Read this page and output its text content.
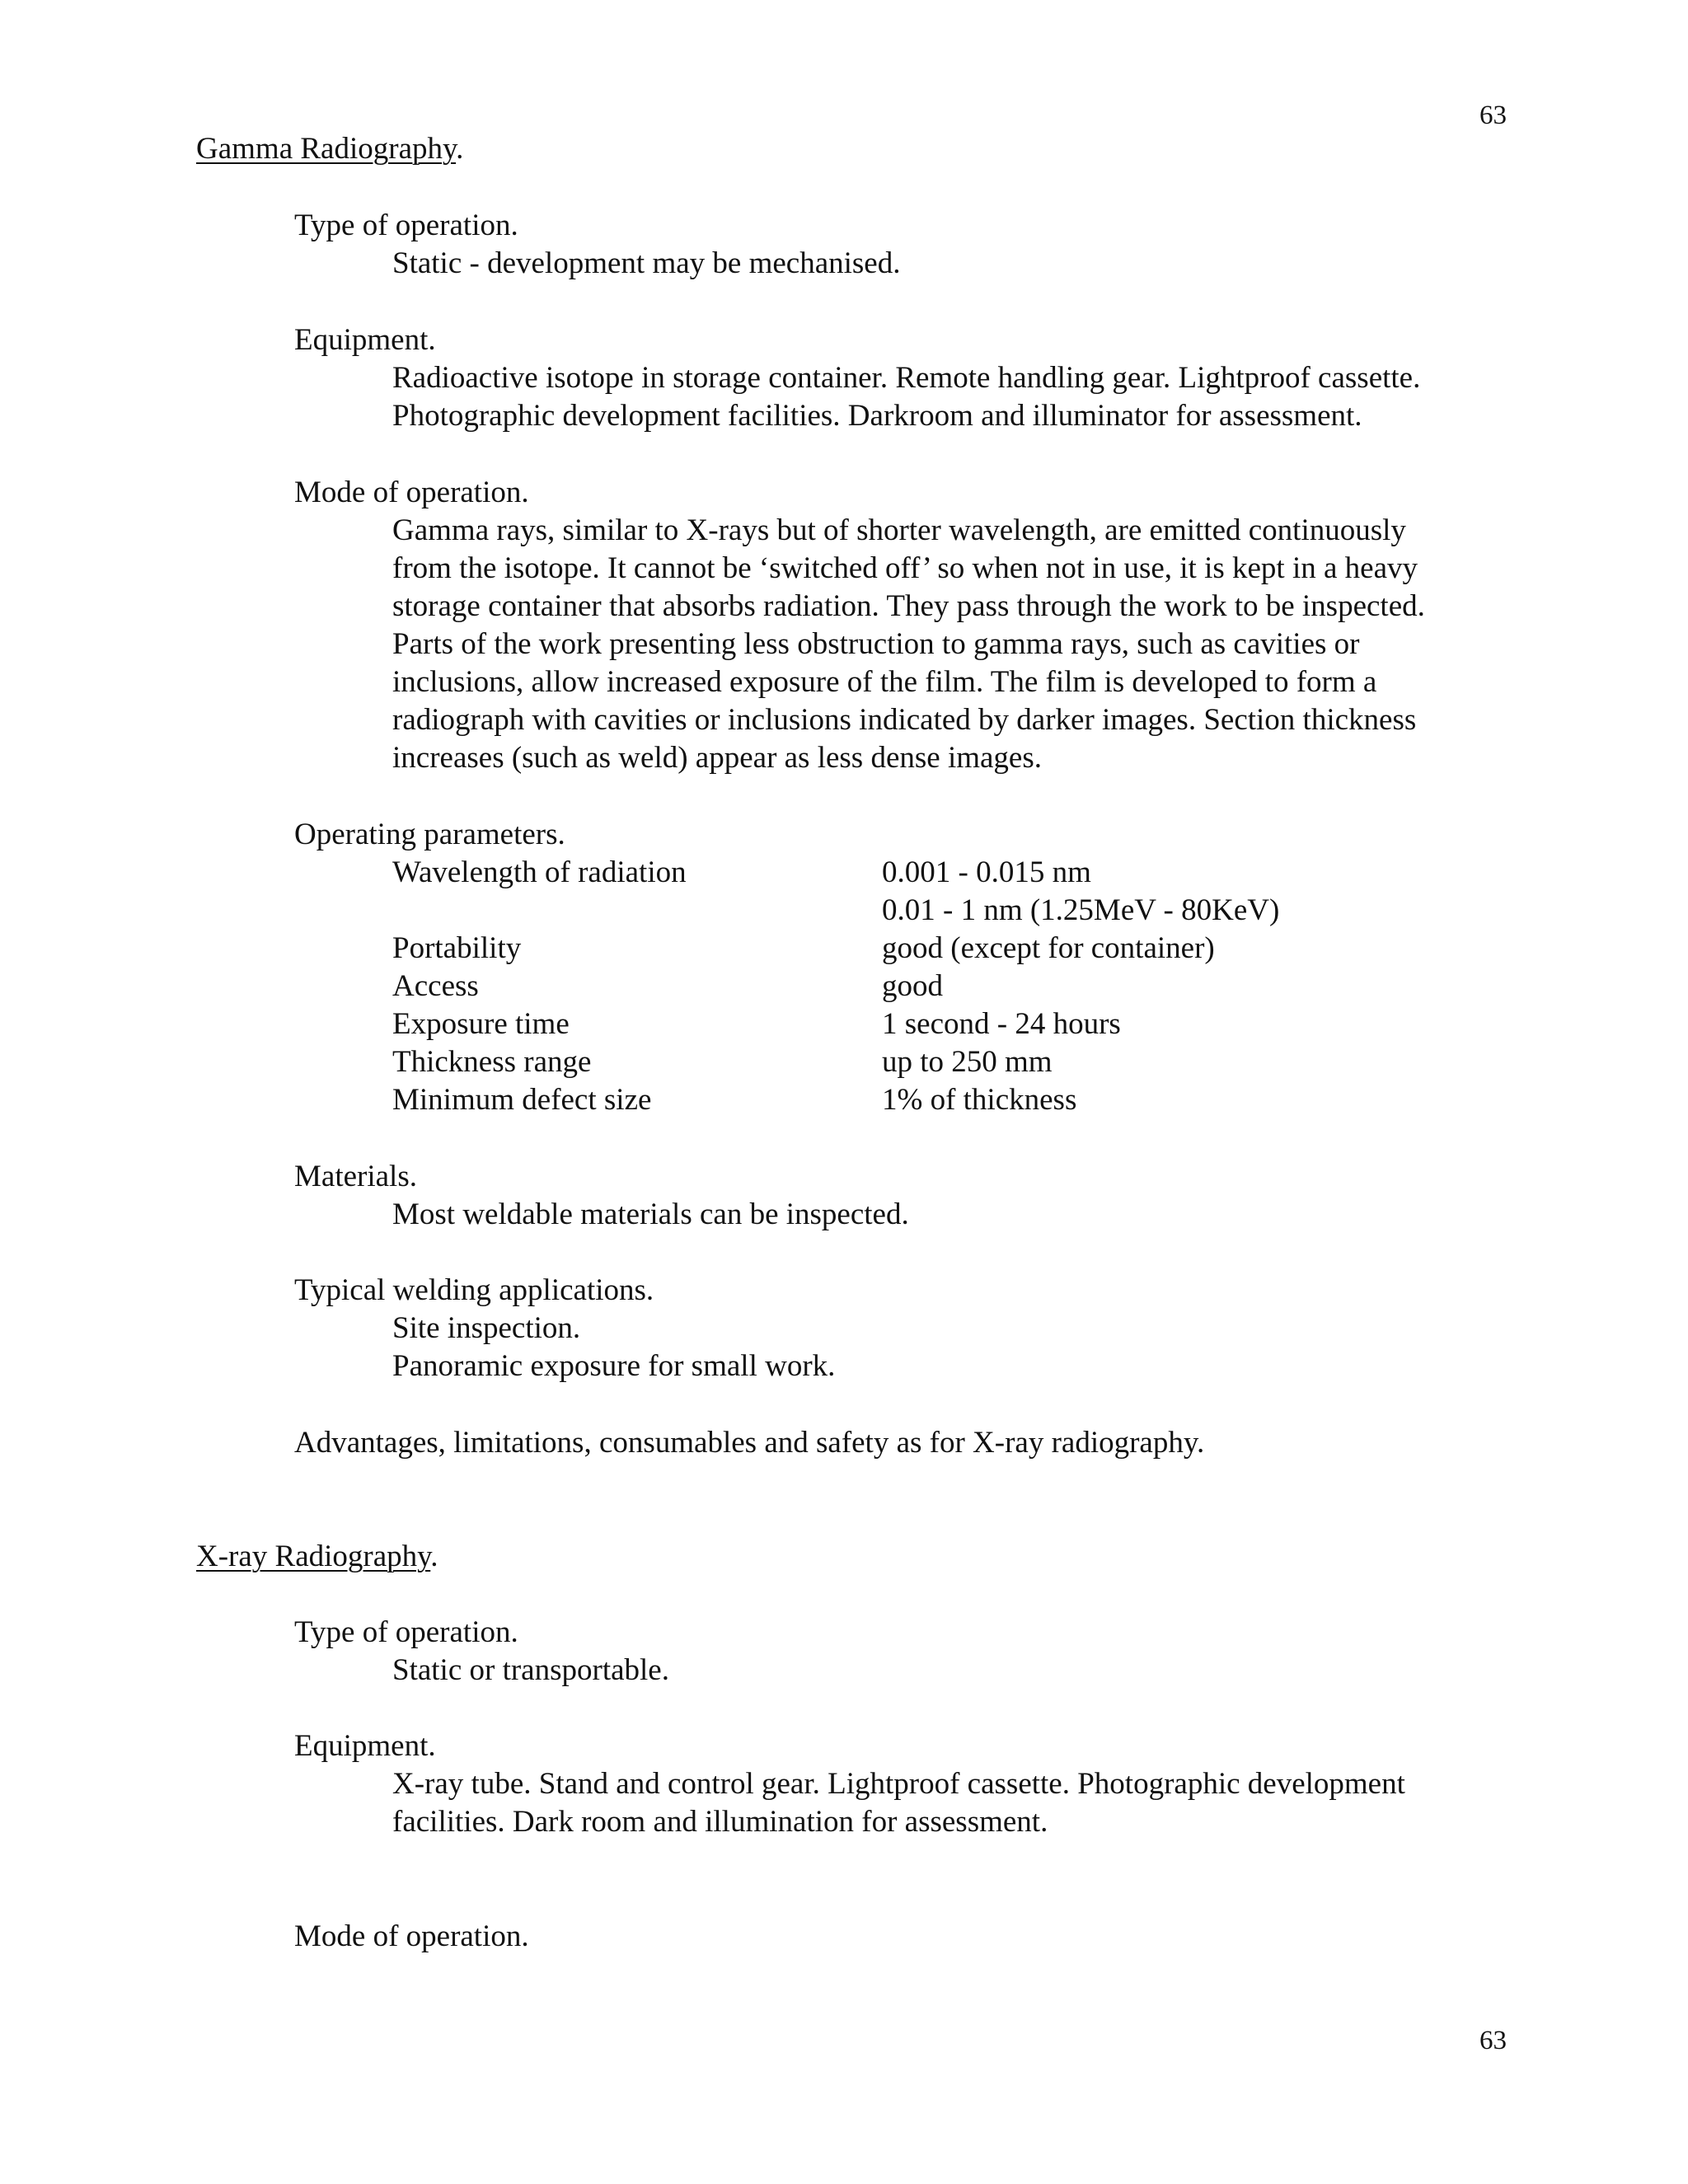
63
Gamma Radiography.
Type of operation.
Static - development may be mechanised.
Equipment.
Radioactive isotope in storage container. Remote handling gear. Lightproof cassette.
Photographic development facilities. Darkroom and illuminator for assessment.
Mode of operation.
Gamma rays, similar to X-rays but of shorter wavelength, are emitted continuously
from the isotope. It cannot be ‘switched off’ so when not in use, it is kept in a heavy
storage container that absorbs radiation. They pass through the work to be inspected.
Parts of the work presenting less obstruction to gamma rays, such as cavities or
inclusions, allow increased exposure of the film. The film is developed to form a
radiograph with cavities or inclusions indicated by darker images. Section thickness
increases (such as weld) appear as less dense images.
Operating parameters.
Wavelength of radiation	0.001 - 0.015 nm
0.01 - 1 nm (1.25MeV - 80KeV)
Portability	good (except for container)
Access	good
Exposure time	1 second - 24 hours
Thickness range	up to 250 mm
Minimum defect size	1% of thickness
Materials.
Most weldable materials can be inspected.
Typical welding applications.
Site inspection.
Panoramic exposure for small work.
Advantages, limitations, consumables and safety as for X-ray radiography.
X-ray Radiography.
Type of operation.
Static or transportable.
Equipment.
X-ray tube. Stand and control gear. Lightproof cassette. Photographic development
facilities. Dark room and illumination for assessment.
Mode of operation.
63
